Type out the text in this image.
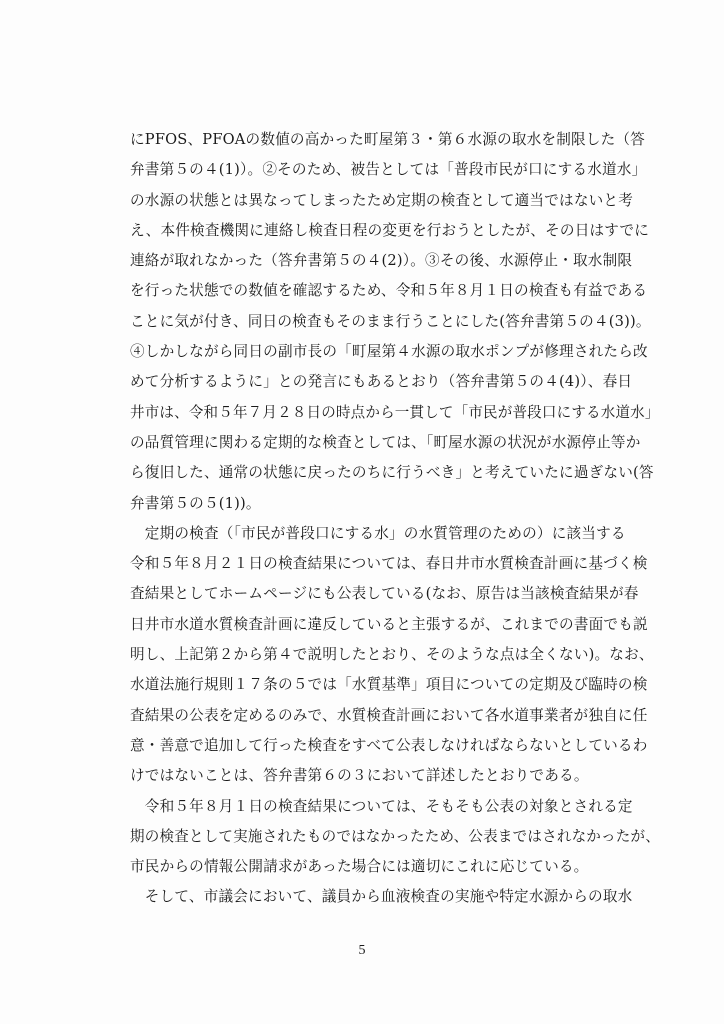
にPFOS、PFOAの数値の高かった町屋第３・第６水源の取水を制限した（答
弁書第５の４(1)）。②そのため、被告としては「普段市民が口にする水道水」
の水源の状態とは異なってしまったため定期の検査として適当ではないと考
え、本件検査機関に連絡し検査日程の変更を行おうとしたが、その日はすでに
連絡が取れなかった（答弁書第５の４(2)）。③その後、水源停止・取水制限
を行った状態での数値を確認するため、令和５年８月１日の検査も有益である
ことに気が付き、同日の検査もそのまま行うことにした(答弁書第５の４(3))。
④しかしながら同日の副市長の「町屋第４水源の取水ポンプが修理されたら改
めて分析するように」との発言にもあるとおり（答弁書第５の４(4)）、春日
井市は、令和５年７月２８日の時点から一貫して「市民が普段口にする水道水」
の品質管理に関わる定期的な検査としては、「町屋水源の状況が水源停止等か
ら復旧した、通常の状態に戻ったのちに行うべき」と考えていたに過ぎない(答
弁書第５の５(1))。
　定期の検査（「市民が普段口にする水」の水質管理のための）に該当する
令和５年８月２１日の検査結果については、春日井市水質検査計画に基づく検
査結果としてホームページにも公表している(なお、原告は当該検査結果が春
日井市水道水質検査計画に違反していると主張するが、これまでの書面でも説
明し、上記第２から第４で説明したとおり、そのような点は全くない)。なお、
水道法施行規則１７条の５では「水質基準」項目についての定期及び臨時の検
査結果の公表を定めるのみで、水質検査計画において各水道事業者が独自に任
意・善意で追加して行った検査をすべて公表しなければならないとしているわ
けではないことは、答弁書第６の３において詳述したとおりである。
　令和５年８月１日の検査結果については、そもそも公表の対象とされる定
期の検査として実施されたものではなかったため、公表まではされなかったが、
市民からの情報公開請求があった場合には適切にこれに応じている。
　そして、市議会において、議員から血液検査の実施や特定水源からの取水
5
